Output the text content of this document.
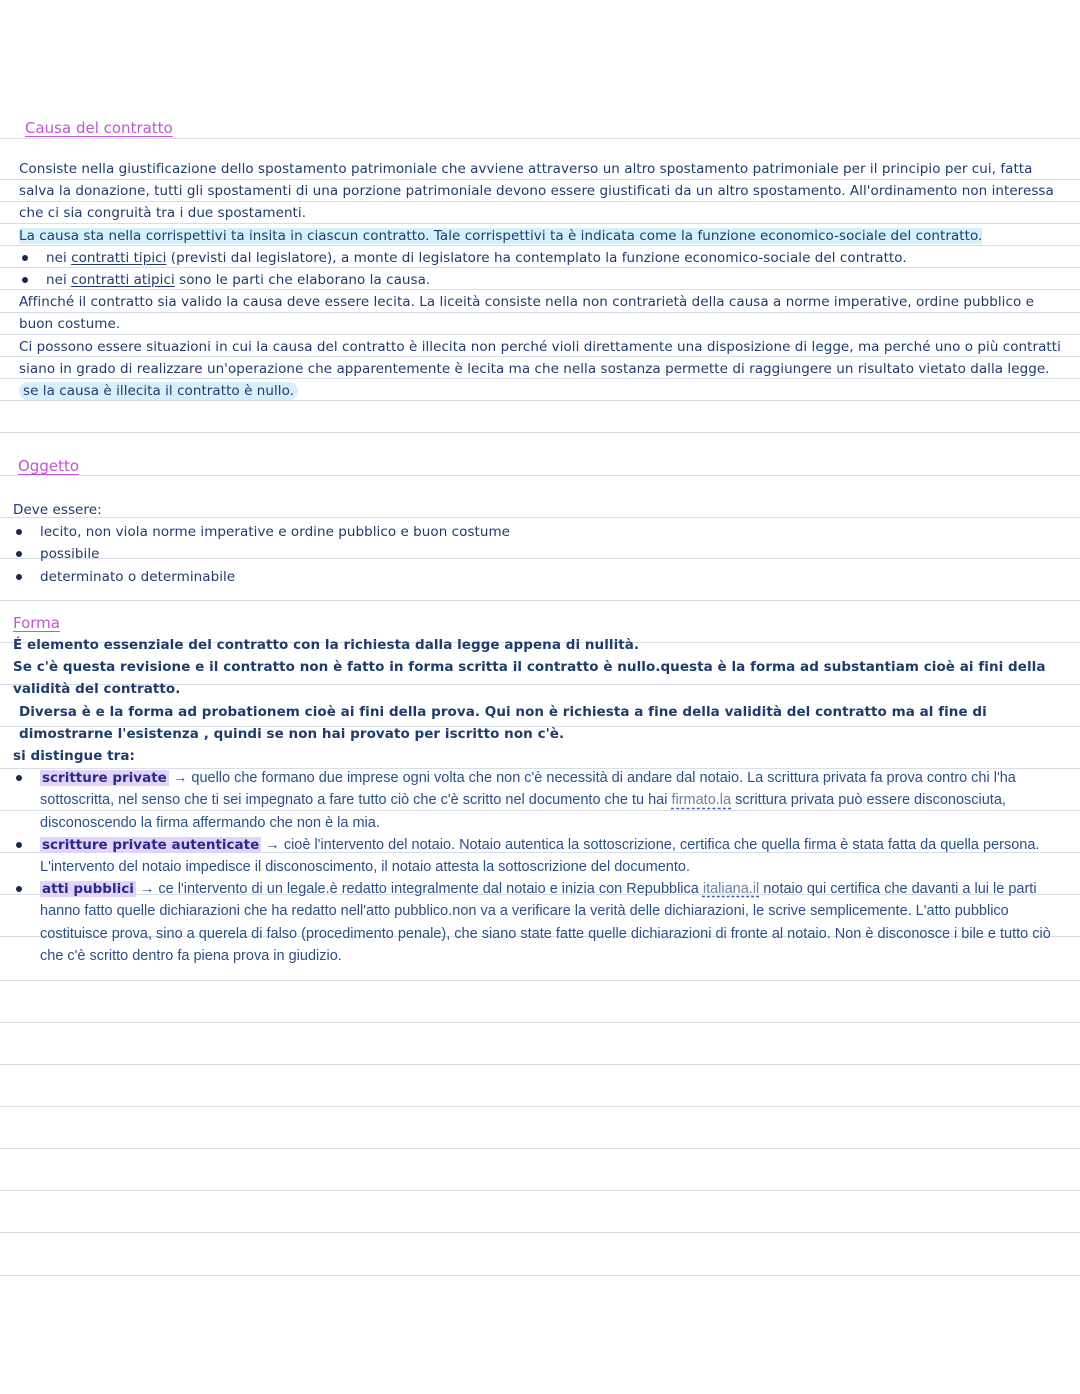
Causa del contratto
Consiste nella giustificazione dello spostamento patrimoniale che avviene attraverso un altro spostamento patrimoniale per il principio per cui, fatta salva la donazione, tutti gli spostamenti di una porzione patrimoniale devono essere giustificati da un altro spostamento. All'ordinamento non interessa che ci sia congruità tra i due spostamenti.
La causa sta nella corrispettivi ta insita in ciascun contratto. Tale corrispettivi ta è indicata come la funzione economico-sociale del contratto.
nei contratti tipici (previsti dal legislatore), a monte di legislatore ha contemplato la funzione economico-sociale del contratto.
nei contratti atipici sono le parti che elaborano la causa.
Affinché il contratto sia valido la causa deve essere lecita. La liceità consiste nella non contrarietà della causa a norme imperative, ordine pubblico e buon costume.
Ci possono essere situazioni in cui la causa del contratto è illecita non perché violi direttamente una disposizione di legge, ma perché uno o più contratti siano in grado di realizzare un'operazione che apparentemente è lecita ma che nella sostanza permette di raggiungere un risultato vietato dalla legge.
se la causa è illecita il contratto è nullo.
Oggetto
Deve essere:
lecito, non viola norme imperative e ordine pubblico e buon costume
possibile
determinato o determinabile
Forma
É elemento essenziale del contratto con la richiesta dalla legge appena di nullità.
Se c'è questa revisione e il contratto non è fatto in forma scritta il contratto è nullo.questa è la forma ad substantiam cioè ai fini della validità del contratto.
Diversa è e la forma ad probationem cioè ai fini della prova. Qui non è richiesta a fine della validità del contratto ma al fine di dimostrarne l'esistenza , quindi se non hai provato per iscritto non c'è.
si distingue tra:
scritture private → quello che formano due imprese ogni volta che non c'è necessità di andare dal notaio. La scrittura privata fa prova contro chi l'ha sottoscritta, nel senso che ti sei impegnato a fare tutto ciò che c'è scritto nel documento che tu hai firmato.la scrittura privata può essere disconosciuta, disconoscendo la firma affermando che non è la mia.
scritture private autenticate → cioè l'intervento del notaio. Notaio autentica la sottoscrizione, certifica che quella firma è stata fatta da quella persona. L'intervento del notaio impedisce il disconoscimento, il notaio attesta la sottoscrizione del documento.
atti pubblici → ce l'intervento di un legale.è redatto integralmente dal notaio e inizia con Repubblica italiana.il notaio qui certifica che davanti a lui le parti hanno fatto quelle dichiarazioni che ha redatto nell'atto pubblico.non va a verificare la verità delle dichiarazioni, le scrive semplicemente. L'atto pubblico costituisce prova, sino a querela di falso (procedimento penale), che siano state fatte quelle dichiarazioni di fronte al notaio. Non è disconosce i bile e tutto ciò che c'è scritto dentro fa piena prova in giudizio.
